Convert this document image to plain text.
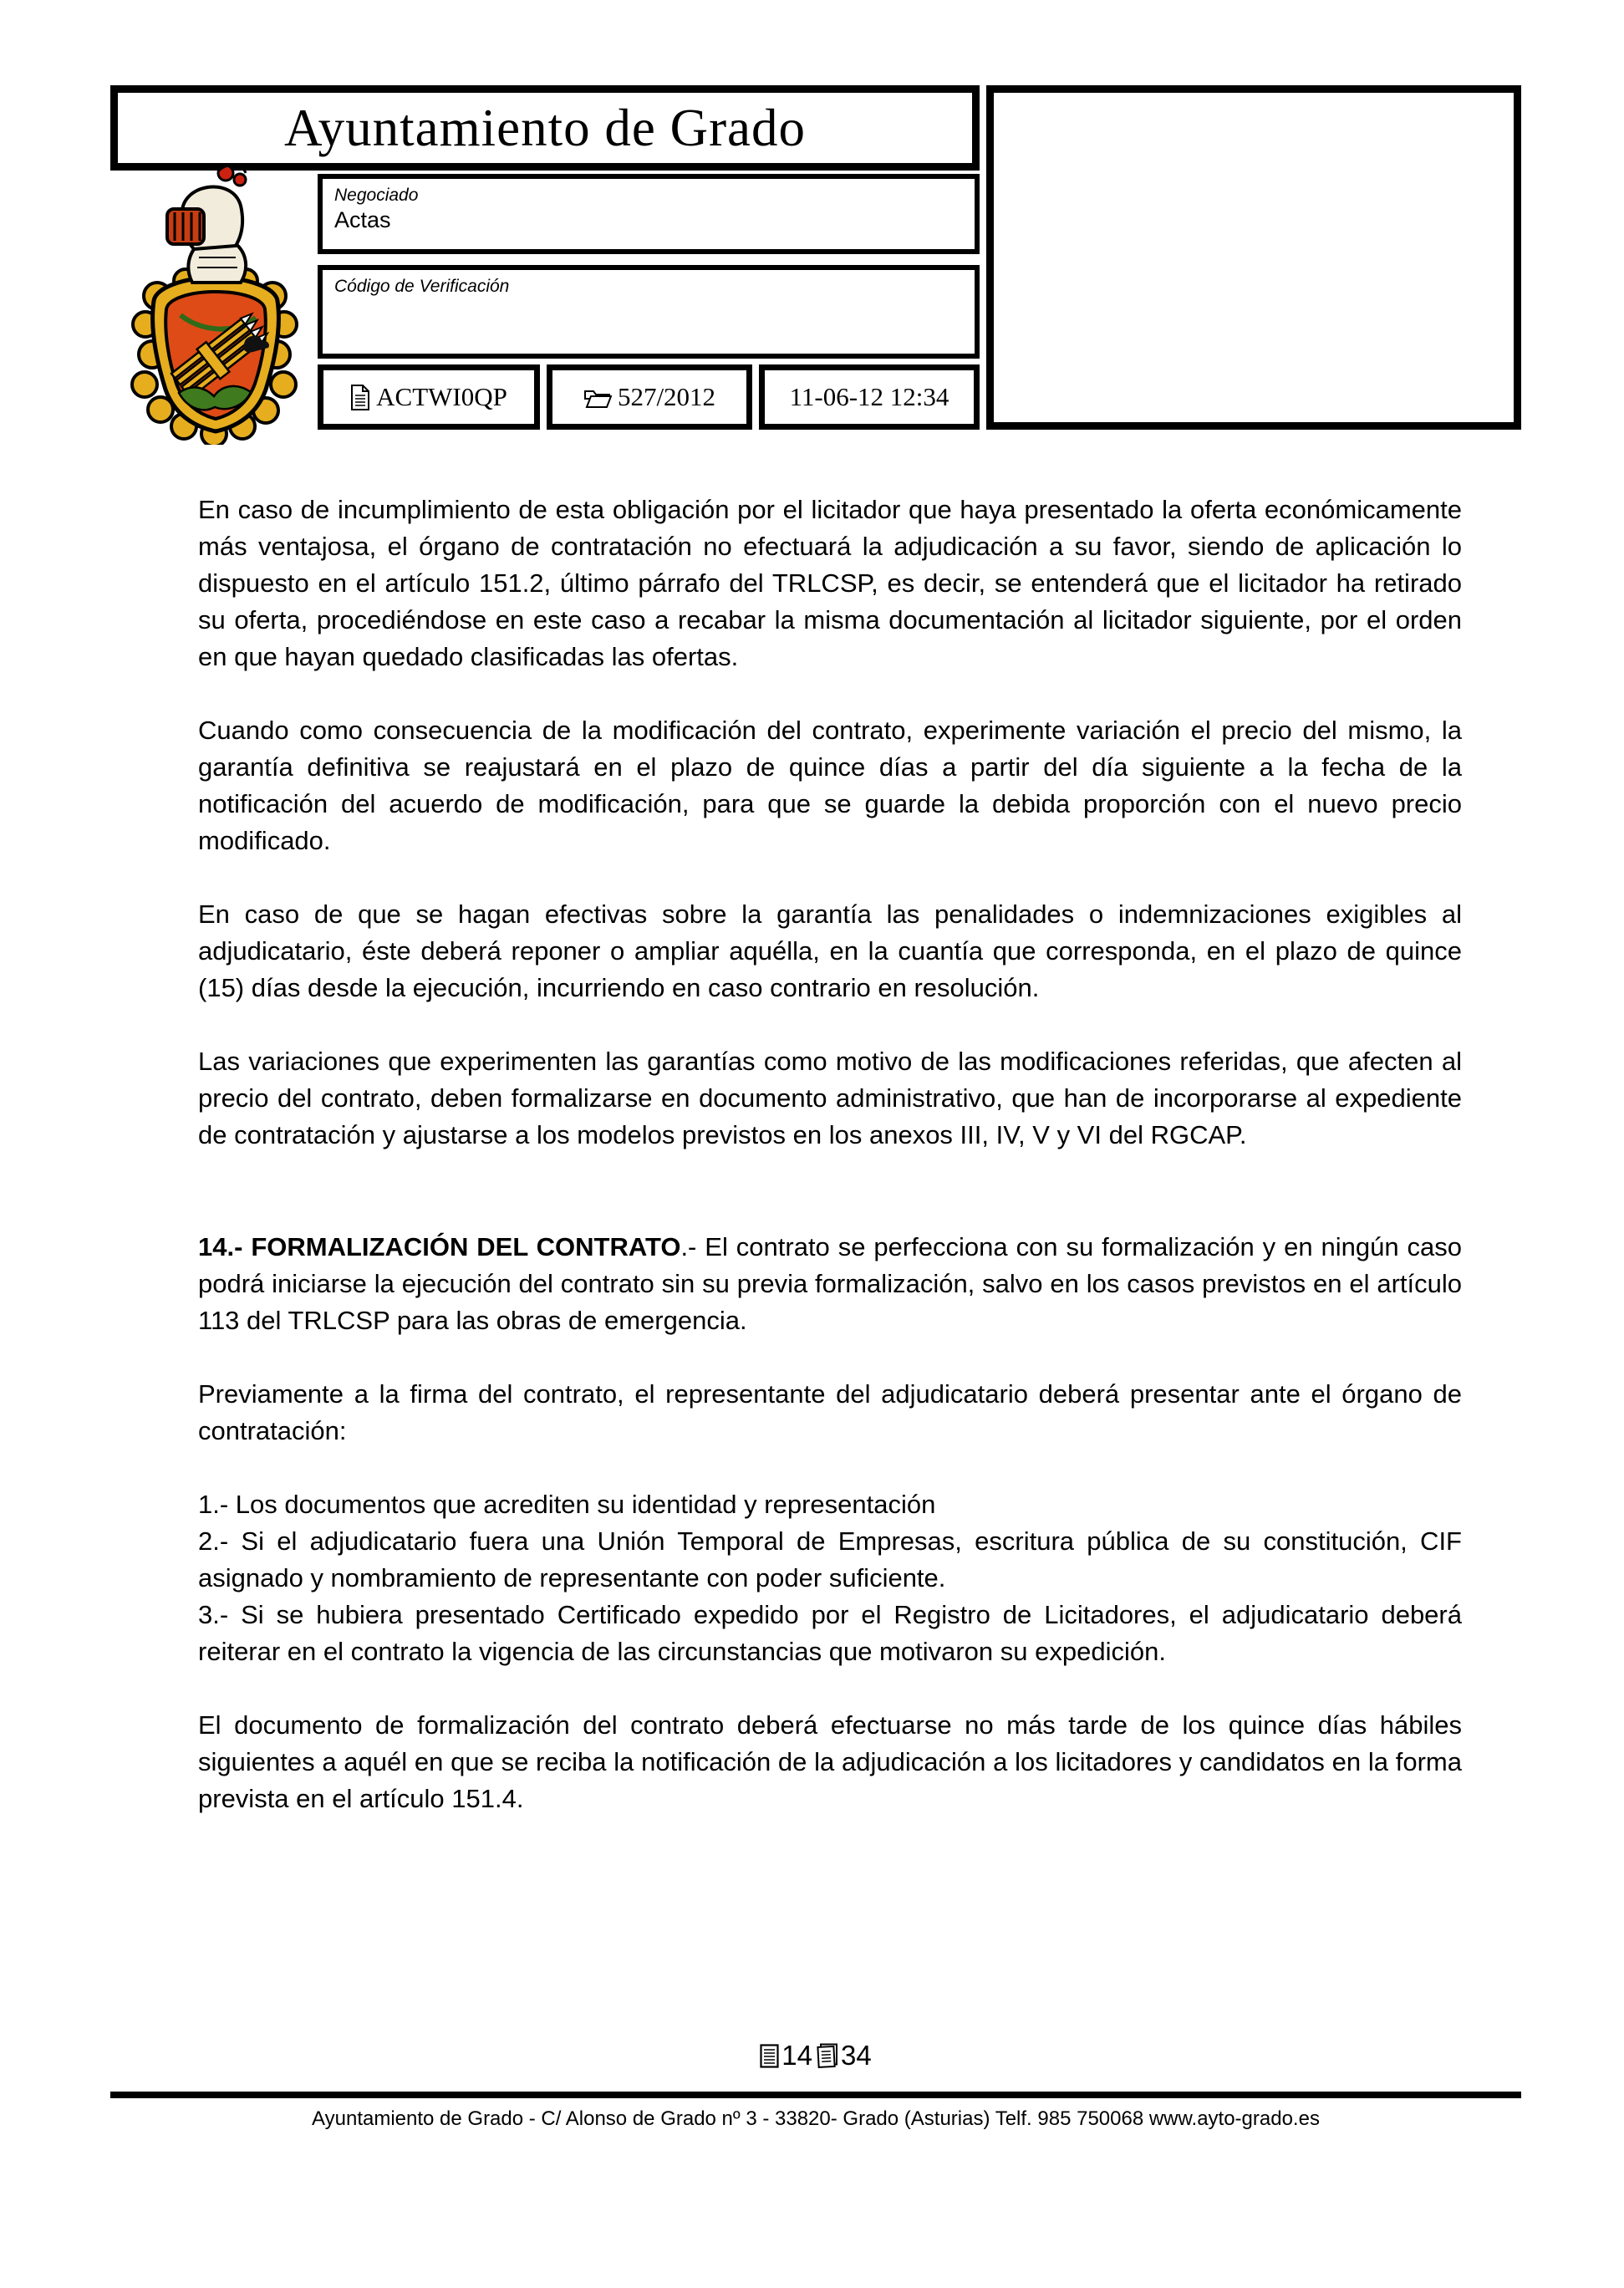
Ayuntamiento de Grado
Negociado
Actas
Código de Verificación
ACTWI0QP	527/2012	11-06-12 12:34

En caso de incumplimiento de esta obligación por el licitador que haya presentado la oferta económicamente más ventajosa, el órgano de contratación no efectuará la adjudicación a su favor, siendo de aplicación lo dispuesto en el artículo 151.2, último párrafo del TRLCSP, es decir, se entenderá que el licitador ha retirado su oferta, procediéndose en este caso a recabar la misma documentación al licitador siguiente, por el orden en que hayan quedado clasificadas las ofertas.

Cuando como consecuencia de la modificación del contrato, experimente variación el precio del mismo, la garantía definitiva se reajustará en el plazo de quince días a partir del día siguiente a la fecha de la notificación del acuerdo de modificación, para que se guarde la debida proporción con el nuevo precio modificado.

En caso de que se hagan efectivas sobre la garantía las penalidades o indemnizaciones exigibles al adjudicatario, éste deberá reponer o ampliar aquélla, en la cuantía que corresponda, en el plazo de quince (15) días desde la ejecución, incurriendo en caso contrario en resolución.

Las variaciones que experimenten las garantías como motivo de las modificaciones referidas, que afecten al precio del contrato, deben formalizarse en documento administrativo, que han de incorporarse al expediente de contratación y ajustarse a los modelos previstos en los anexos III, IV, V y VI del RGCAP.

14.- FORMALIZACIÓN DEL CONTRATO.- El contrato se perfecciona con su formalización y en ningún caso podrá iniciarse la ejecución del contrato sin su previa formalización, salvo en los casos previstos en el artículo 113 del TRLCSP para las obras de emergencia.

Previamente a la firma del contrato, el representante del adjudicatario deberá presentar ante el órgano de contratación:

1.- Los documentos que acrediten su identidad y representación
2.- Si el adjudicatario fuera una Unión Temporal de Empresas, escritura pública de su constitución, CIF asignado y nombramiento de representante con poder suficiente.
3.- Si se hubiera presentado Certificado expedido por el Registro de Licitadores, el adjudicatario deberá reiterar en el contrato la vigencia de las circunstancias que motivaron su expedición.

El documento de formalización del contrato deberá efectuarse no más tarde de los quince días hábiles siguientes a aquél en que se reciba la notificación de la adjudicación a los licitadores y candidatos en la forma prevista en el artículo 151.4.

14 34
Ayuntamiento de Grado - C/ Alonso de Grado nº 3 - 33820- Grado (Asturias) Telf. 985 750068 www.ayto-grado.es
